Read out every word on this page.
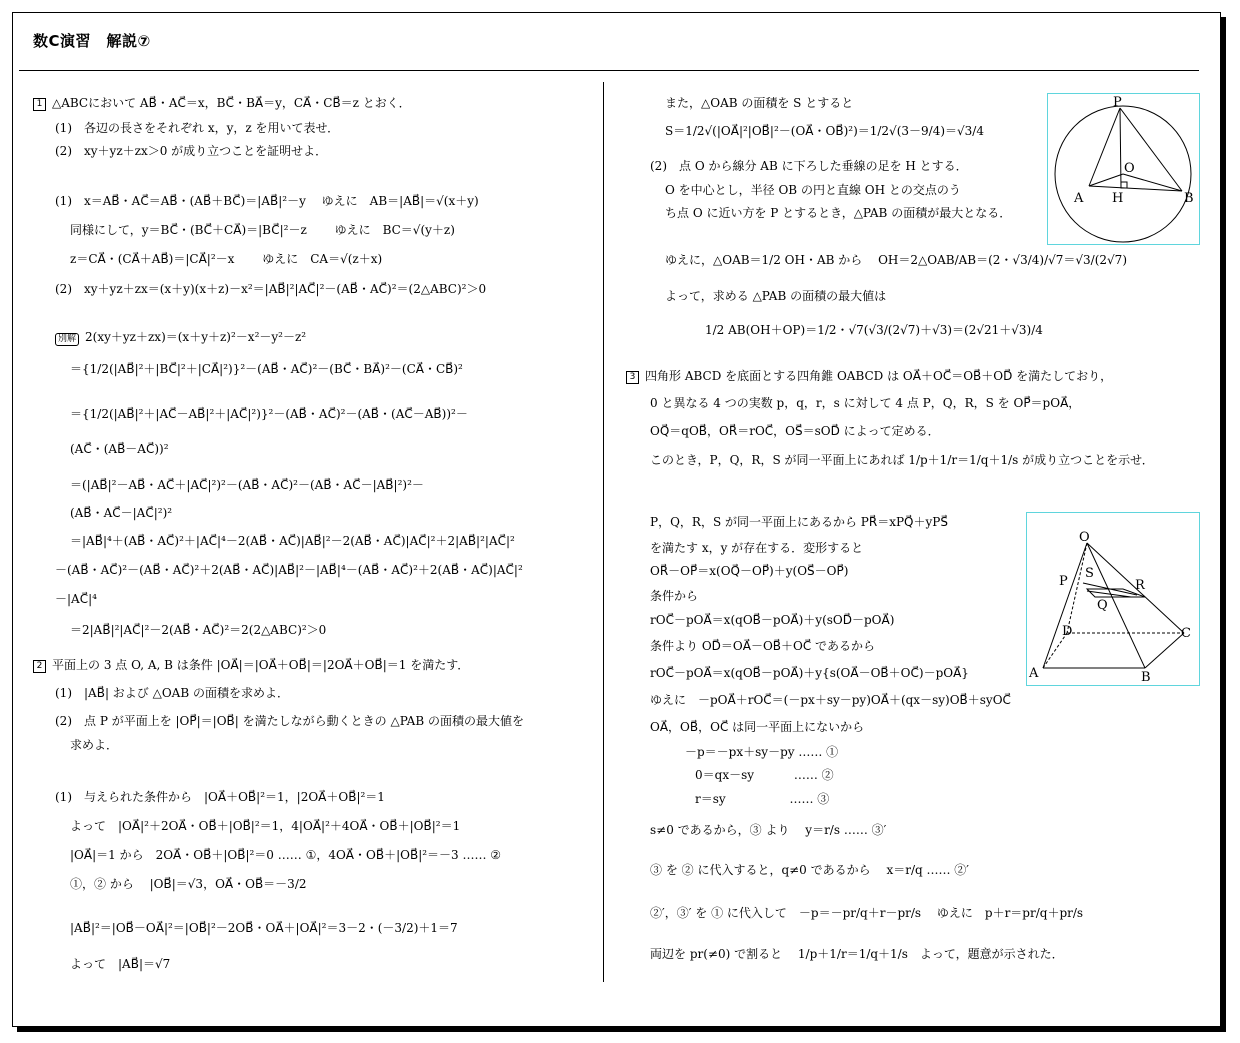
数C演習　解説⑦
1 △ABCにおいて AB⃗・AC⃗＝x，BC⃗・BA⃗＝y，CA⃗・CB⃗＝z とおく．
(1)　各辺の長さをそれぞれ x，y，z を用いて表せ．
(2)　xy＋yz＋zx＞0 が成り立つことを証明せよ．
(1)　x＝AB⃗・AC⃗＝AB⃗・(AB⃗＋BC⃗)＝|AB⃗|²－y　 ゆえに　AB＝|AB⃗|＝√(x＋y)
同様にして，y＝BC⃗・(BC⃗＋CA⃗)＝|BC⃗|²－z　　 ゆえに　BC＝√(y＋z)
z＝CA⃗・(CA⃗＋AB⃗)＝|CA⃗|²－x　　 ゆえに　CA＝√(z＋x)
(2)　xy＋yz＋zx＝(x＋y)(x＋z)－x²＝|AB⃗|²|AC⃗|²－(AB⃗・AC⃗)²＝(2△ABC)²＞0
別解 2(xy＋yz＋zx)＝(x＋y＋z)²－x²－y²－z²
＝{1/2(|AB⃗|²＋|BC⃗|²＋|CA⃗|²)}²－(AB⃗・AC⃗)²－(BC⃗・BA⃗)²－(CA⃗・CB⃗)²
＝{1/2(|AB⃗|²＋|AC⃗－AB⃗|²＋|AC⃗|²)}²－(AB⃗・AC⃗)²－(AB⃗・(AC⃗－AB⃗))²－
(AC⃗・(AB⃗－AC⃗))²
＝(|AB⃗|²－AB⃗・AC⃗＋|AC⃗|²)²－(AB⃗・AC⃗)²－(AB⃗・AC⃗－|AB⃗|²)²－
(AB⃗・AC⃗－|AC⃗|²)²
＝|AB⃗|⁴＋(AB⃗・AC⃗)²＋|AC⃗|⁴－2(AB⃗・AC⃗)|AB⃗|²－2(AB⃗・AC⃗)|AC⃗|²＋2|AB⃗|²|AC⃗|²
－(AB⃗・AC⃗)²－(AB⃗・AC⃗)²＋2(AB⃗・AC⃗)|AB⃗|²－|AB⃗|⁴－(AB⃗・AC⃗)²＋2(AB⃗・AC⃗)|AC⃗|²
－|AC⃗|⁴
＝2|AB⃗|²|AC⃗|²－2(AB⃗・AC⃗)²＝2(2△ABC)²＞0
2 平面上の 3 点 O, A, B は条件 |OA⃗|＝|OA⃗＋OB⃗|＝|2OA⃗＋OB⃗|＝1 を満たす．
(1)　|AB⃗| および △OAB の面積を求めよ．
(2)　点 P が平面上を |OP⃗|＝|OB⃗| を満たしながら動くときの △PAB の面積の最大値を
求めよ．
(1)　与えられた条件から　|OA⃗＋OB⃗|²＝1，|2OA⃗＋OB⃗|²＝1
よって　|OA⃗|²＋2OA⃗・OB⃗＋|OB⃗|²＝1，4|OA⃗|²＋4OA⃗・OB⃗＋|OB⃗|²＝1
|OA⃗|＝1 から　2OA⃗・OB⃗＋|OB⃗|²＝0 …… ①，4OA⃗・OB⃗＋|OB⃗|²＝－3 …… ②
①，② から　 |OB⃗|＝√3，OA⃗・OB⃗＝－3/2
|AB⃗|²＝|OB⃗－OA⃗|²＝|OB⃗|²－2OB⃗・OA⃗＋|OA⃗|²＝3－2・(－3/2)＋1＝7
よって　|AB⃗|＝√7
また，△OAB の面積を S とすると
S＝1/2√(|OA⃗|²|OB⃗|²－(OA⃗・OB⃗)²)＝1/2√(3－9/4)＝√3/4
(2)　点 O から線分 AB に下ろした垂線の足を H とする．
O を中心とし，半径 OB の円と直線 OH との交点のう
ち点 O に近い方を P とするとき，△PAB の面積が最大となる．
ゆえに，△OAB＝1/2 OH・AB から　 OH＝2△OAB/AB＝(2・√3/4)/√7＝√3/(2√7)
よって，求める △PAB の面積の最大値は
1/2 AB(OH＋OP)＝1/2・√7(√3/(2√7)＋√3)＝(2√21＋√3)/4
3 四角形 ABCD を底面とする四角錐 OABCD は OA⃗＋OC⃗＝OB⃗＋OD⃗ を満たしており，
0 と異なる 4 つの実数 p，q，r，s に対して 4 点 P，Q，R，S を OP⃗＝pOA⃗，
OQ⃗＝qOB⃗，OR⃗＝rOC⃗，OS⃗＝sOD⃗ によって定める．
このとき，P，Q，R，S が同一平面上にあれば 1/p＋1/r＝1/q＋1/s が成り立つことを示せ．
P，Q，R，S が同一平面上にあるから PR⃗＝xPQ⃗＋yPS⃗
を満たす x，y が存在する．変形すると
OR⃗－OP⃗＝x(OQ⃗－OP⃗)＋y(OS⃗－OP⃗)
条件から
rOC⃗－pOA⃗＝x(qOB⃗－pOA⃗)＋y(sOD⃗－pOA⃗)
条件より OD⃗＝OA⃗－OB⃗＋OC⃗ であるから
rOC⃗－pOA⃗＝x(qOB⃗－pOA⃗)＋y{s(OA⃗－OB⃗＋OC⃗)－pOA⃗}
ゆえに　－pOA⃗＋rOC⃗＝(－px＋sy－py)OA⃗＋(qx－sy)OB⃗＋syOC⃗
OA⃗，OB⃗，OC⃗ は同一平面上にないから
－p＝－px＋sy－py …… ①
0＝qx－sy　　　 …… ②
r＝sy　　　　　 …… ③
s≠0 であるから，③ より　 y＝r/s …… ③′
③ を ② に代入すると，q≠0 であるから　 x＝r/q …… ②′
②′，③′ を ① に代入して　－p＝－pr/q＋r－pr/s　 ゆえに　p＋r＝pr/q＋pr/s
両辺を pr(≠0) で割ると　 1/p＋1/r＝1/q＋1/s　よって，題意が示された．
P
O
A H	B
O
S
P	R
Q
D	C
A	B
